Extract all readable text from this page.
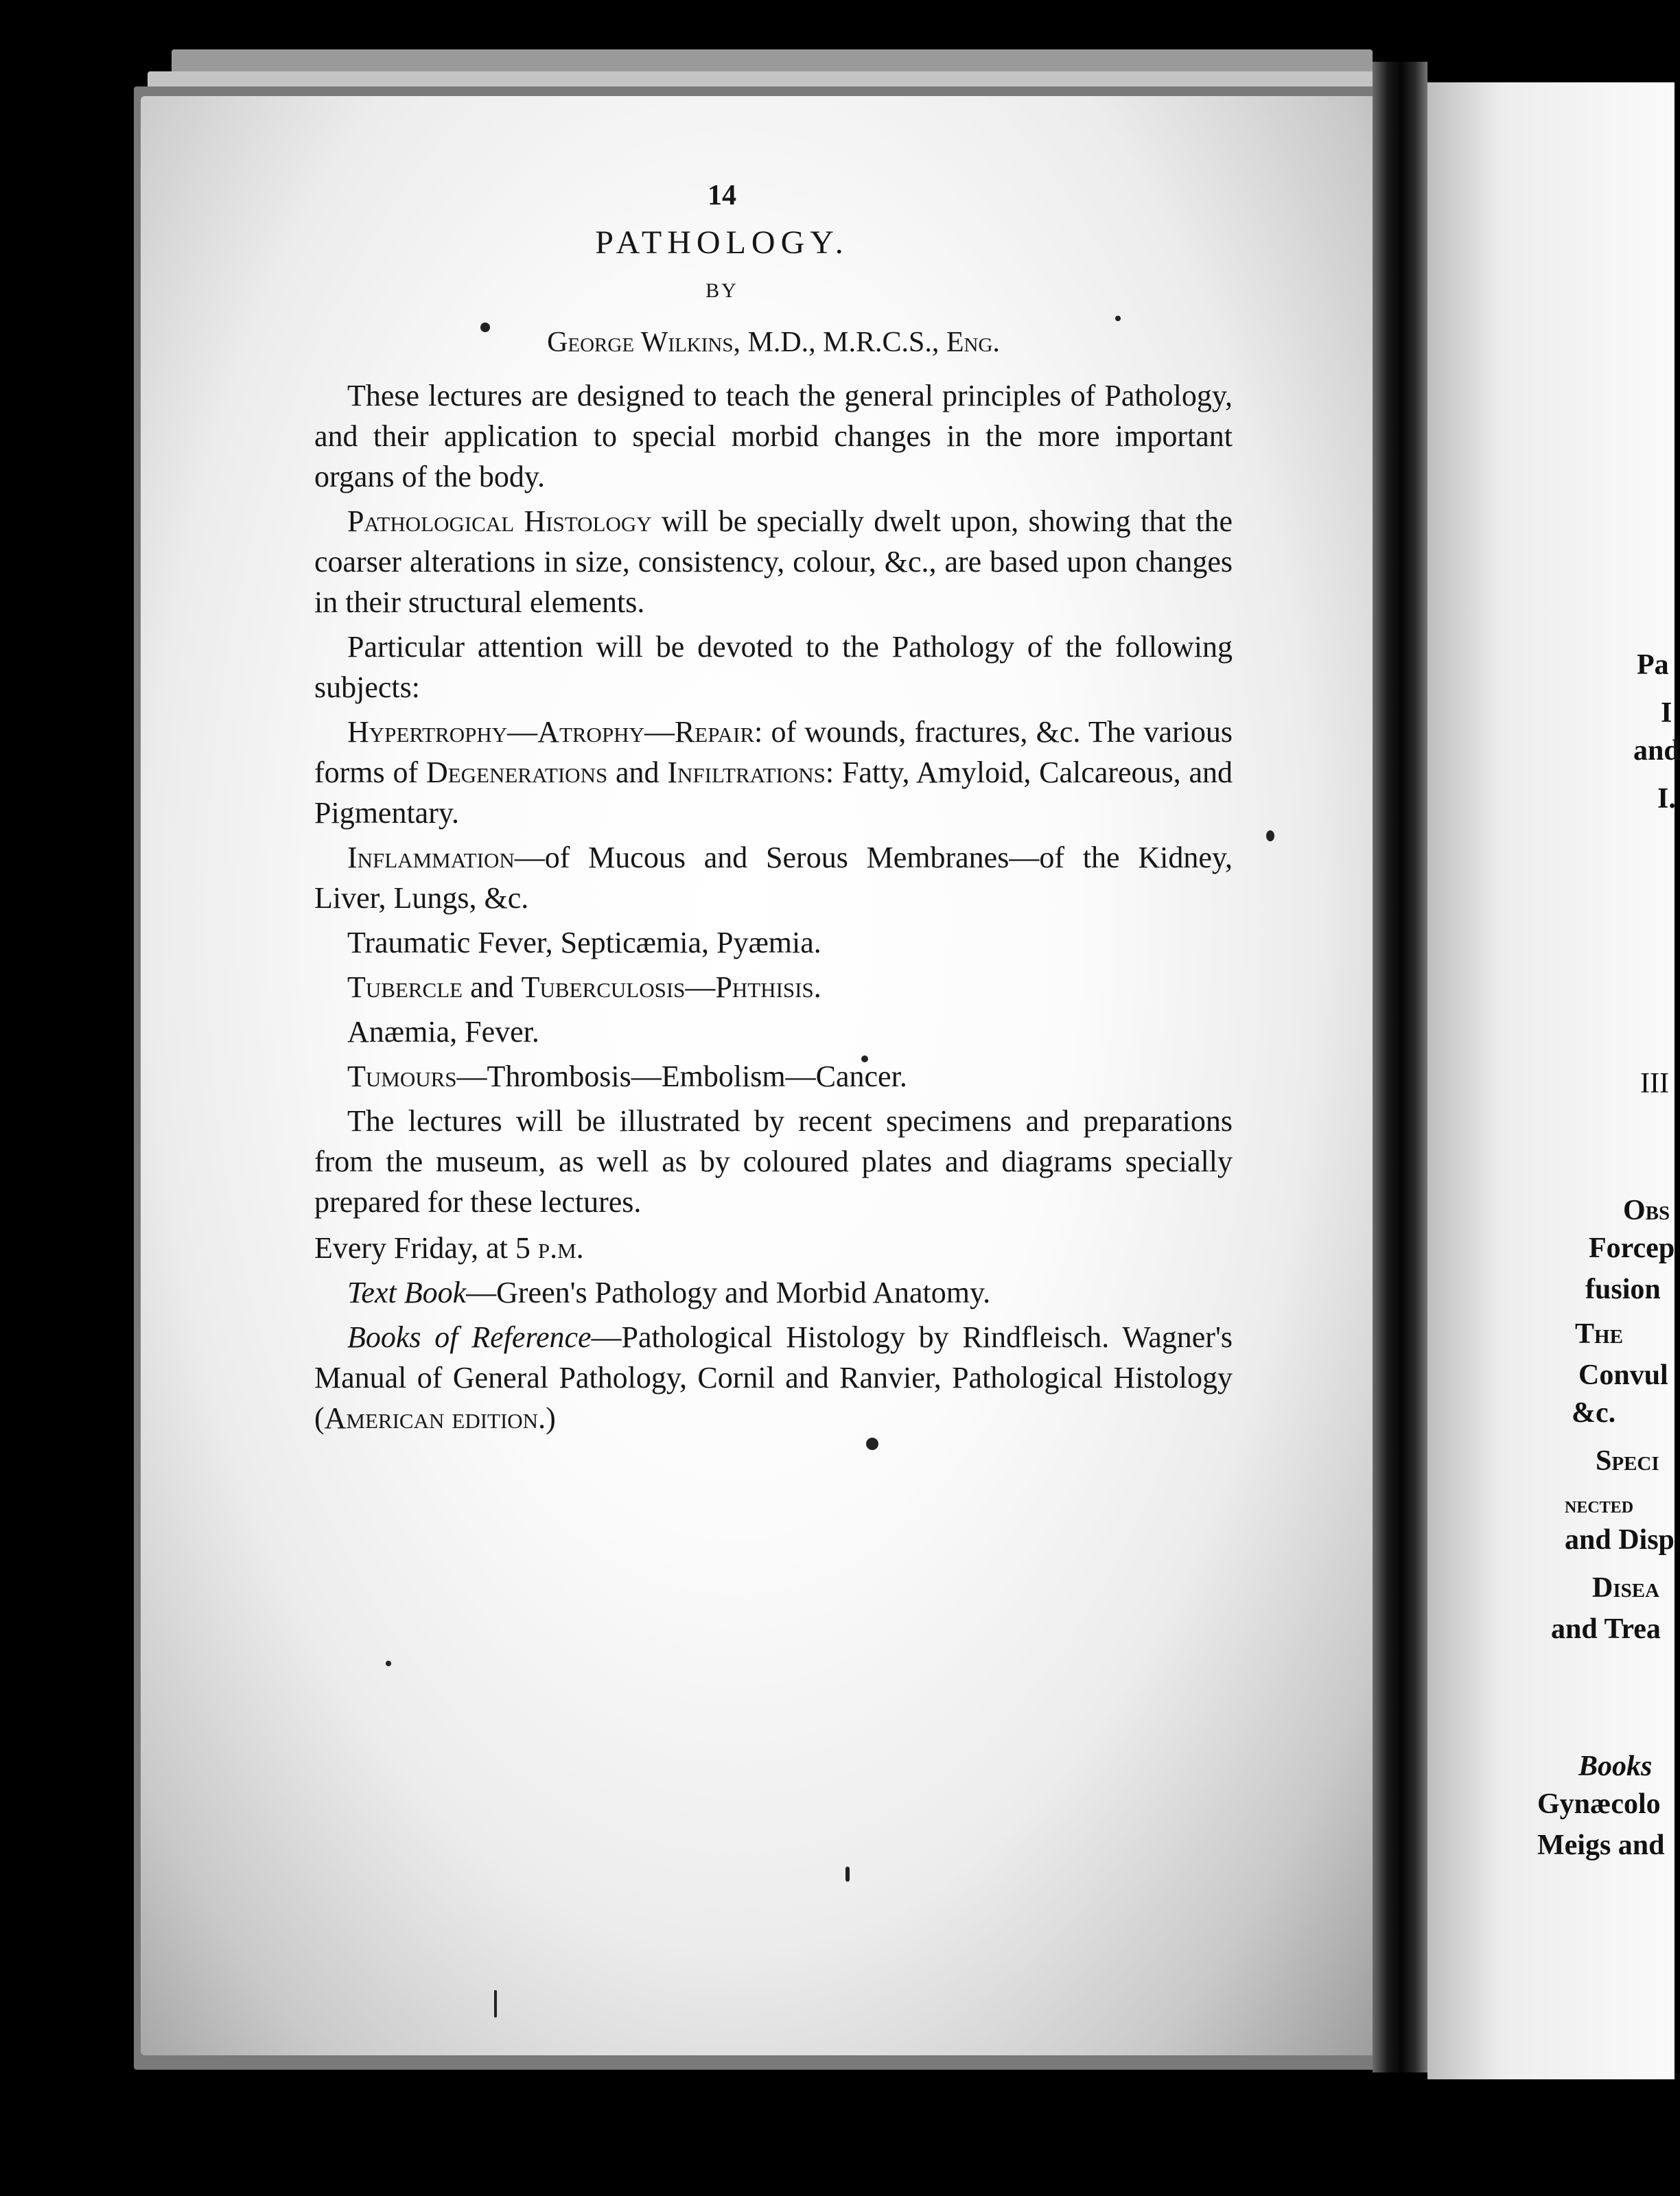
14
PATHOLOGY.
BY
George Wilkins, M.D., M.R.C.S., Eng.

These lectures are designed to teach the general principles of Pathology, and their application to special morbid changes in the more important organs of the body.

Pathological Histology will be specially dwelt upon, showing that the coarser alterations in size, consistency, colour, &c., are based upon changes in their structural elements.

Particular attention will be devoted to the Pathology of the following subjects:

Hypertrophy—Atrophy—Repair: of wounds, fractures, &c. The various forms of Degenerations and Infiltrations: Fatty, Amyloid, Calcareous, and Pigmentary.

Inflammation—of Mucous and Serous Membranes—of the Kidney, Liver, Lungs, &c.

Traumatic Fever, Septicæmia, Pyæmia.

Tubercle and Tuberculosis—Phthisis.

Anæmia, Fever.

Tumours—Thrombosis—Embolism—Cancer.

The lectures will be illustrated by recent specimens and preparations from the museum, as well as by coloured plates and diagrams specially prepared for these lectures.

Every Friday, at 5 p.m.

Text Book—Green's Pathology and Morbid Anatomy.

Books of Reference—Pathological Histology by Rindfleisch. Wagner's Manual of General Pathology, Cornil and Ranvier, Pathological Histology (American edition.)

Pa
I
and
I.
III
Obs
Forcep
fusion
The
Convul
&c.
Speci
nected
and Disp
Disea
and Trea
Books
Gynæcolo
Meigs and
